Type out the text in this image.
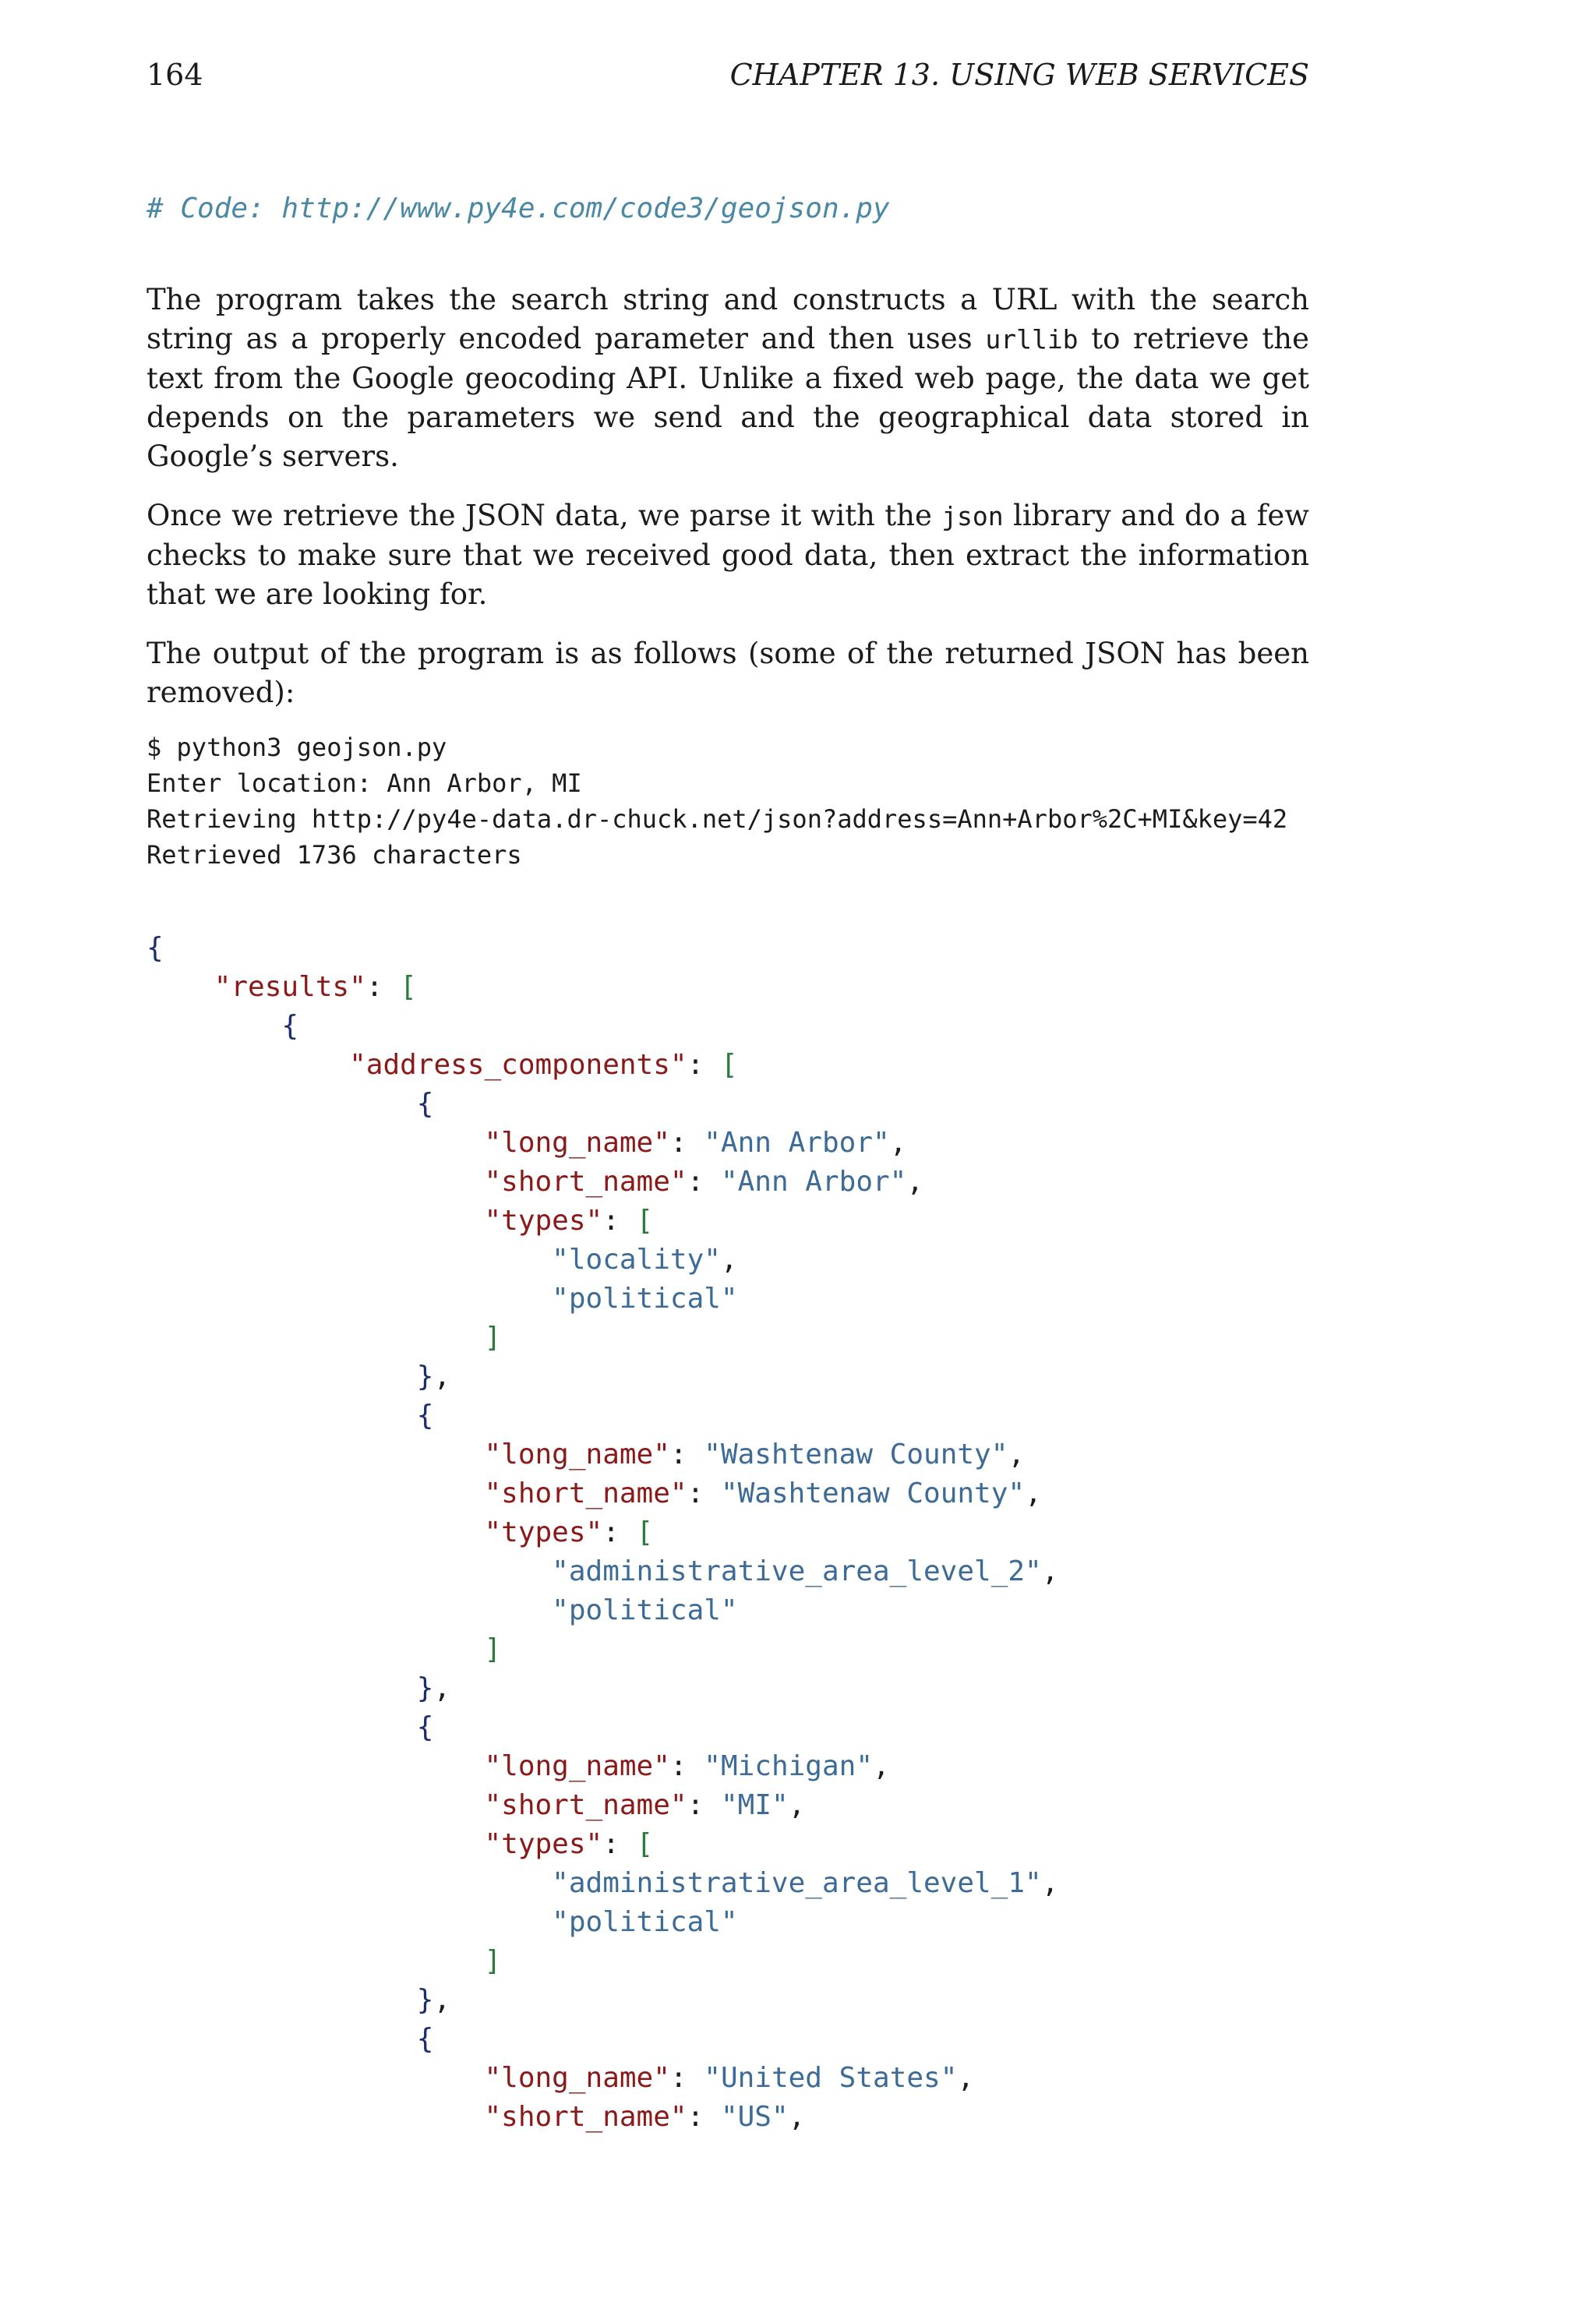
164	CHAPTER 13. USING WEB SERVICES
# Code: http://www.py4e.com/code3/geojson.py

The program takes the search string and constructs a URL with the search string as a properly encoded parameter and then uses urllib to retrieve the text from the Google geocoding API. Unlike a fixed web page, the data we get depends on the parameters we send and the geographical data stored in Google’s servers.

Once we retrieve the JSON data, we parse it with the json library and do a few checks to make sure that we received good data, then extract the information that we are looking for.

The output of the program is as follows (some of the returned JSON has been removed):

$ python3 geojson.py
Enter location: Ann Arbor, MI
Retrieving http://py4e-data.dr-chuck.net/json?address=Ann+Arbor%2C+MI&key=42
Retrieved 1736 characters
{
"results": [
{
"address_components": [
{
"long_name": "Ann Arbor",
"short_name": "Ann Arbor",
"types": [
"locality",
"political"
]
},
{
"long_name": "Washtenaw County",
"short_name": "Washtenaw County",
"types": [
"administrative_area_level_2",
"political"
]
},
{
"long_name": "Michigan",
"short_name": "MI",
"types": [
"administrative_area_level_1",
"political"
]
},
{
"long_name": "United States",
"short_name": "US",
